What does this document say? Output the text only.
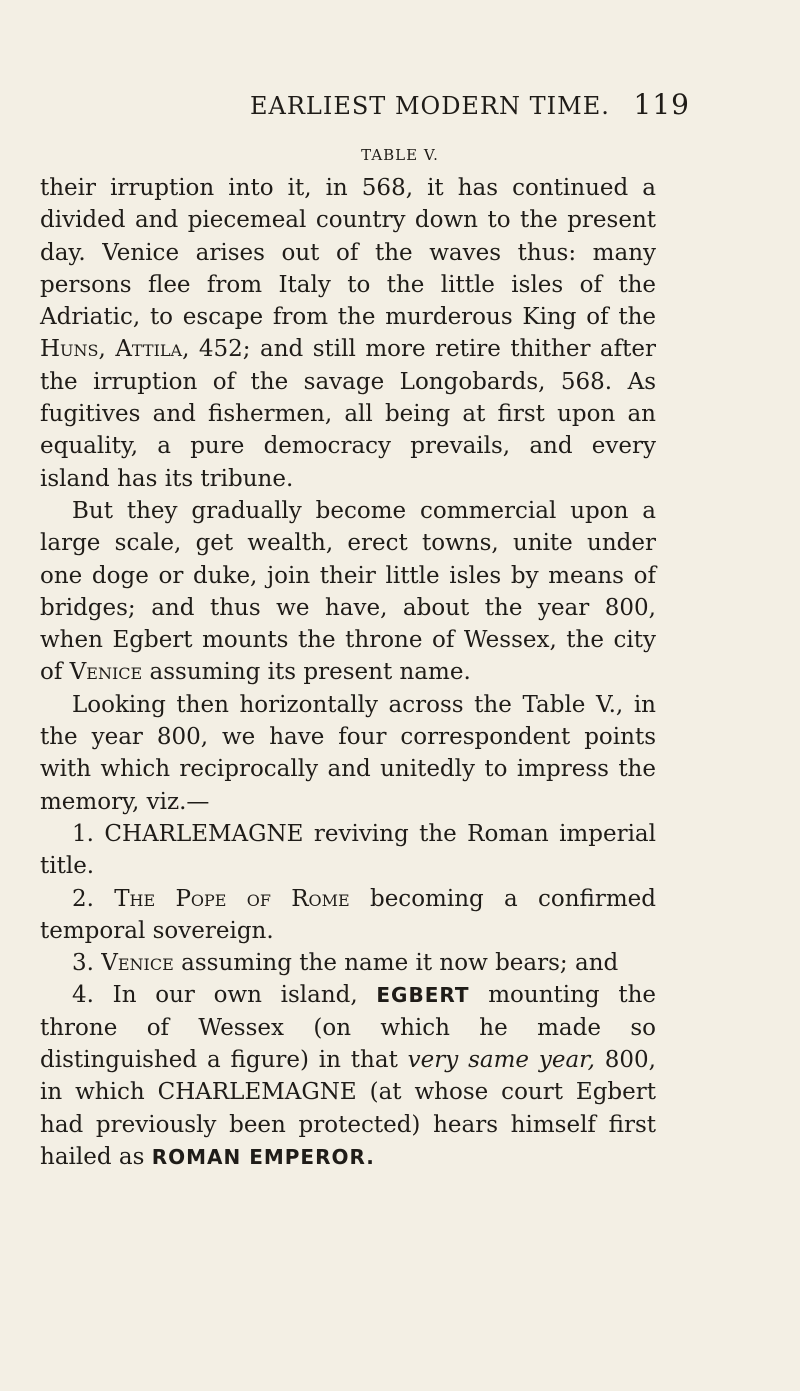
EARLIEST MODERN TIME. 119
TABLE V.

their irruption into it, in 568, it has continued a divided and piecemeal country down to the present day. Venice arises out of the waves thus: many persons flee from Italy to the little isles of the Adriatic, to escape from the murderous King of the Huns, Attila, 452; and still more retire thither after the irruption of the savage Longobards, 568. As fugitives and fishermen, all being at first upon an equality, a pure democracy prevails, and every island has its tribune.

But they gradually become commercial upon a large scale, get wealth, erect towns, unite under one doge or duke, join their little isles by means of bridges; and thus we have, about the year 800, when Egbert mounts the throne of Wessex, the city of Venice assuming its present name.

Looking then horizontally across the Table V., in the year 800, we have four correspondent points with which reciprocally and unitedly to impress the memory, viz.—

1. CHARLEMAGNE reviving the Roman imperial title.

2. The Pope of Rome becoming a confirmed temporal sovereign.

3. Venice assuming the name it now bears; and

4. In our own island, EGBERT mounting the throne of Wessex (on which he made so distinguished a figure) in that very same year, 800, in which CHARLEMAGNE (at whose court Egbert had previously been protected) hears himself first hailed as ROMAN EMPEROR.
